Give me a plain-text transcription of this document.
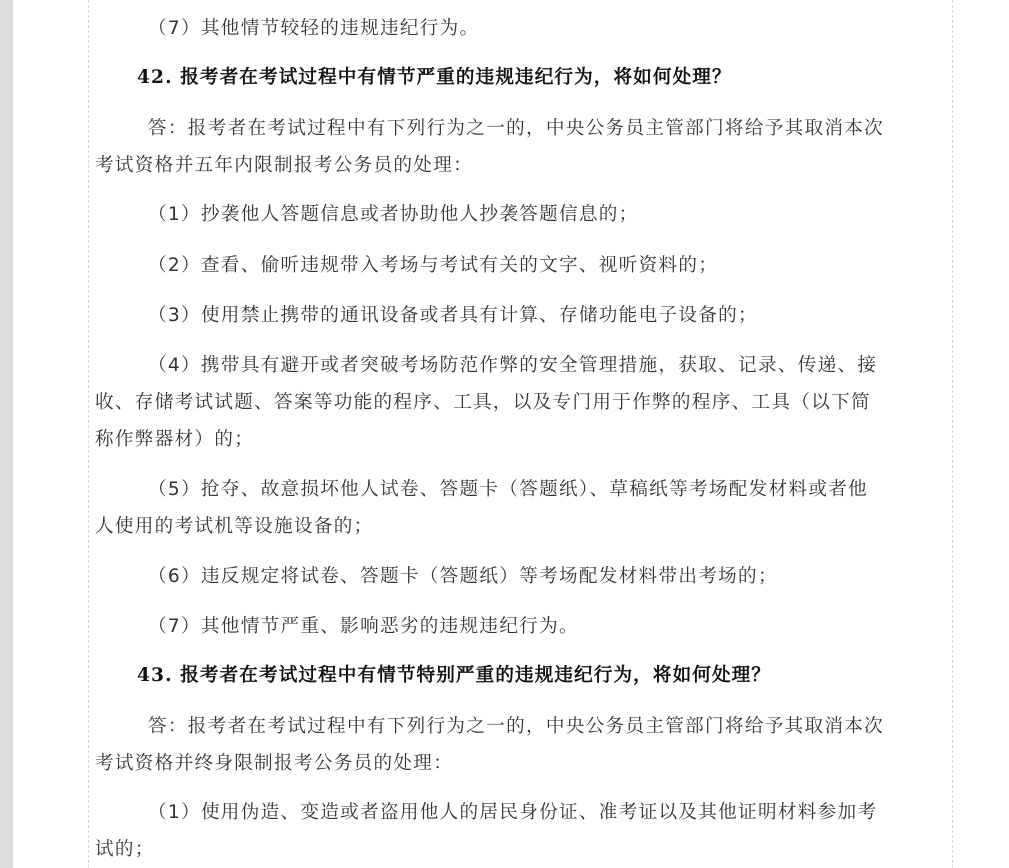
（7）其他情节较轻的违规违纪行为。
42. 报考者在考试过程中有情节严重的违规违纪行为，将如何处理？
答：报考者在考试过程中有下列行为之一的，中央公务员主管部门将给予其取消本次
考试资格并五年内限制报考公务员的处理：
（1）抄袭他人答题信息或者协助他人抄袭答题信息的；
（2）查看、偷听违规带入考场与考试有关的文字、视听资料的；
（3）使用禁止携带的通讯设备或者具有计算、存储功能电子设备的；
（4）携带具有避开或者突破考场防范作弊的安全管理措施，获取、记录、传递、接
收、存储考试试题、答案等功能的程序、工具，以及专门用于作弊的程序、工具（以下简
称作弊器材）的；
（5）抢夺、故意损坏他人试卷、答题卡（答题纸）、草稿纸等考场配发材料或者他
人使用的考试机等设施设备的；
（6）违反规定将试卷、答题卡（答题纸）等考场配发材料带出考场的；
（7）其他情节严重、影响恶劣的违规违纪行为。
43. 报考者在考试过程中有情节特别严重的违规违纪行为，将如何处理？
答：报考者在考试过程中有下列行为之一的，中央公务员主管部门将给予其取消本次
考试资格并终身限制报考公务员的处理：
（1）使用伪造、变造或者盗用他人的居民身份证、准考证以及其他证明材料参加考
试的；
